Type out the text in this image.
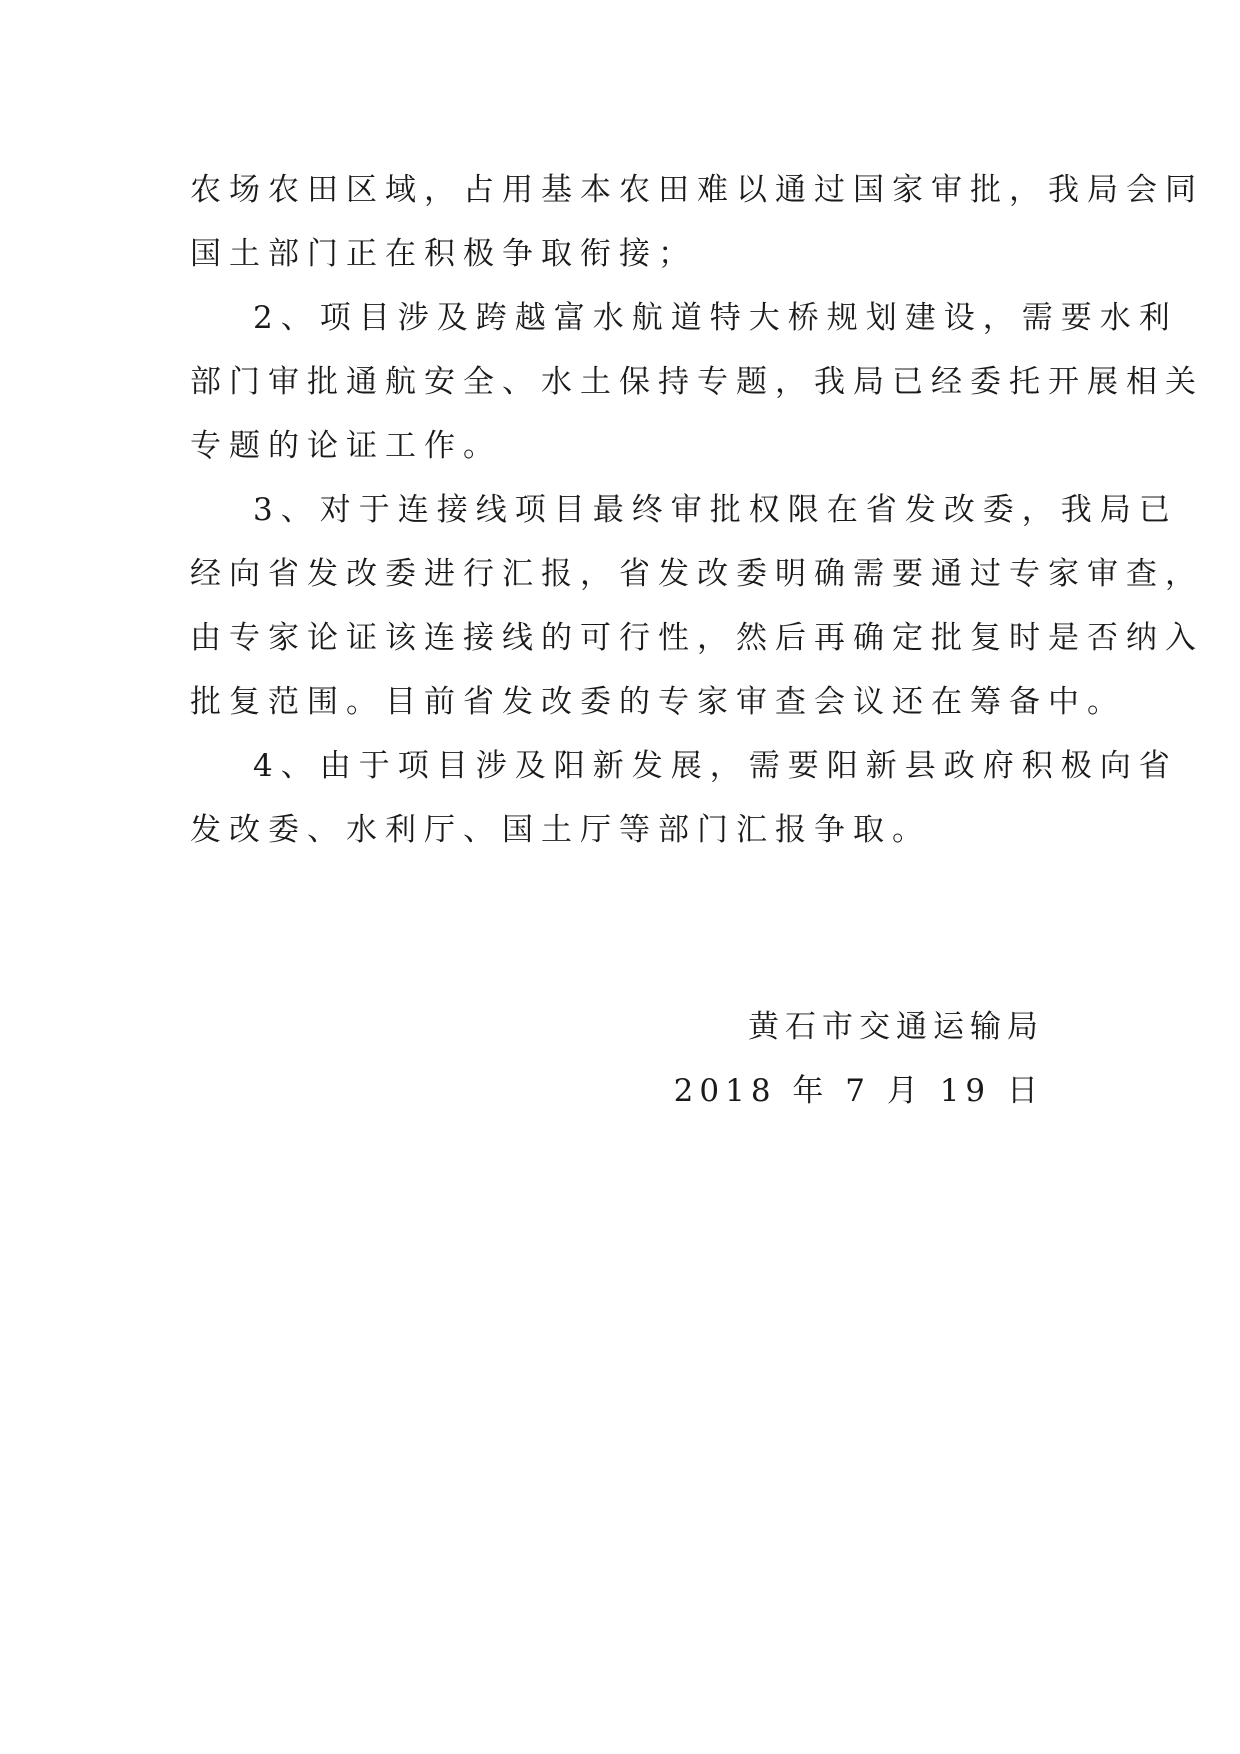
农场农田区域，占用基本农田难以通过国家审批，我局会同
国土部门正在积极争取衔接；
2、项目涉及跨越富水航道特大桥规划建设，需要水利
部门审批通航安全、水土保持专题，我局已经委托开展相关
专题的论证工作。
3、对于连接线项目最终审批权限在省发改委，我局已
经向省发改委进行汇报，省发改委明确需要通过专家审查，
由专家论证该连接线的可行性，然后再确定批复时是否纳入
批复范围。目前省发改委的专家审查会议还在筹备中。
4、由于项目涉及阳新发展，需要阳新县政府积极向省
发改委、水利厅、国土厅等部门汇报争取。
黄石市交通运输局
2018 年 7 月 19 日
